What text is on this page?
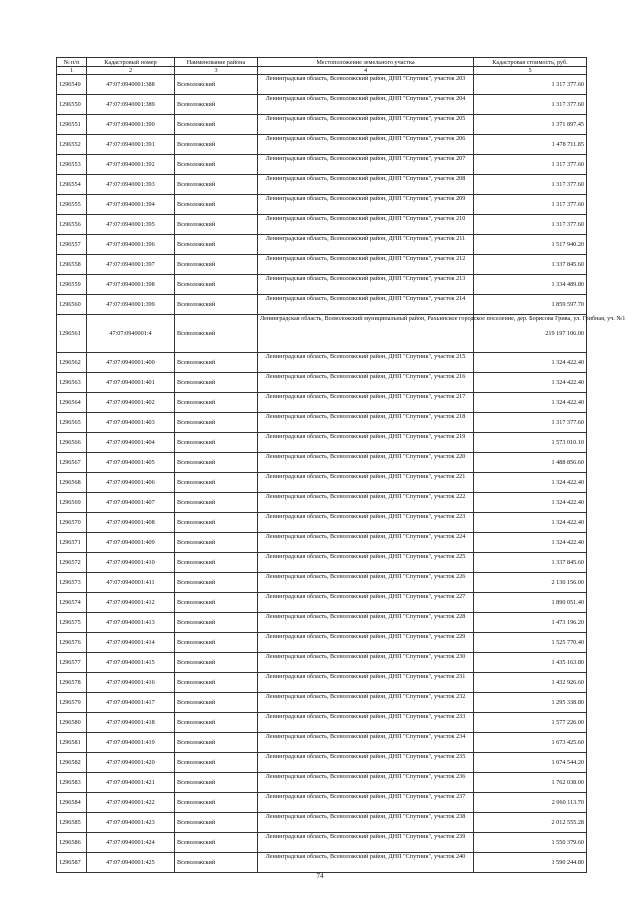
№ п/п	Кадастровый номер	Наименование района	Местоположение земельного участка	Кадастровая стоимость, руб.
1	2	3	4	5
1296549	47:07:0940001:388	Всеволожский	Ленинградская область, Всеволожский район, ДНП "Спутник", участок 203	1 317 377.60
1296550	47:07:0940001:389	Всеволожский	Ленинградская область, Всеволожский район, ДНП "Спутник", участок 204	1 317 377.60
1296551	47:07:0940001:390	Всеволожский	Ленинградская область, Всеволожский район, ДНП "Спутник", участок 205	1 371 897.45
1296552	47:07:0940001:391	Всеволожский	Ленинградская область, Всеволожский район, ДНП "Спутник", участок 206	1 478 711.85
1296553	47:07:0940001:392	Всеволожский	Ленинградская область, Всеволожский район, ДНП "Спутник", участок 207	1 317 377.60
1296554	47:07:0940001:393	Всеволожский	Ленинградская область, Всеволожский район, ДНП "Спутник", участок 208	1 317 377.60
1296555	47:07:0940001:394	Всеволожский	Ленинградская область, Всеволожский район, ДНП "Спутник", участок 209	1 317 377.60
1296556	47:07:0940001:395	Всеволожский	Ленинградская область, Всеволожский район, ДНП "Спутник", участок 210	1 317 377.60
1296557	47:07:0940001:396	Всеволожский	Ленинградская область, Всеволожский район, ДНП "Спутник", участок 211	1 517 940.20
1296558	47:07:0940001:397	Всеволожский	Ленинградская область, Всеволожский район, ДНП "Спутник", участок 212	1 337 845.60
1296559	47:07:0940001:398	Всеволожский	Ленинградская область, Всеволожский район, ДНП "Спутник", участок 213	1 334 489.80
1296560	47:07:0940001:399	Всеволожский	Ленинградская область, Всеволожский район, ДНП "Спутник", участок 214	1 859 597.70
1296561	47:07:0940001:4	Всеволожский	Ленинградская область, Всеволожский муниципальный район, Рахьинское городское поселение, дер. Борисова Грива, ул. Грибная, уч. №1	219 197 106.00
1296562	47:07:0940001:400	Всеволожский	Ленинградская область, Всеволожский район, ДНП "Спутник", участок 215	1 324 422.40
1296563	47:07:0940001:401	Всеволожский	Ленинградская область, Всеволожский район, ДНП "Спутник", участок 216	1 324 422.40
1296564	47:07:0940001:402	Всеволожский	Ленинградская область, Всеволожский район, ДНП "Спутник", участок 217	1 324 422.40
1296565	47:07:0940001:403	Всеволожский	Ленинградская область, Всеволожский район, ДНП "Спутник", участок 218	1 317 377.60
1296566	47:07:0940001:404	Всеволожский	Ленинградская область, Всеволожский район, ДНП "Спутник", участок 219	1 573 010.10
1296567	47:07:0940001:405	Всеволожский	Ленинградская область, Всеволожский район, ДНП "Спутник", участок 220	1 488 856.60
1296568	47:07:0940001:406	Всеволожский	Ленинградская область, Всеволожский район, ДНП "Спутник", участок 221	1 324 422.40
1296569	47:07:0940001:407	Всеволожский	Ленинградская область, Всеволожский район, ДНП "Спутник", участок 222	1 324 422.40
1296570	47:07:0940001:408	Всеволожский	Ленинградская область, Всеволожский район, ДНП "Спутник", участок 223	1 324 422.40
1296571	47:07:0940001:409	Всеволожский	Ленинградская область, Всеволожский район, ДНП "Спутник", участок 224	1 324 422.40
1296572	47:07:0940001:410	Всеволожский	Ленинградская область, Всеволожский район, ДНП "Спутник", участок 225	1 337 845.60
1296573	47:07:0940001:411	Всеволожский	Ленинградская область, Всеволожский район, ДНП "Спутник", участок 226	2 130 156.00
1296574	47:07:0940001:412	Всеволожский	Ленинградская область, Всеволожский район, ДНП "Спутник", участок 227	1 890 051.40
1296575	47:07:0940001:413	Всеволожский	Ленинградская область, Всеволожский район, ДНП "Спутник", участок 228	1 473 196.20
1296576	47:07:0940001:414	Всеволожский	Ленинградская область, Всеволожский район, ДНП "Спутник", участок 229	1 525 770.40
1296577	47:07:0940001:415	Всеволожский	Ленинградская область, Всеволожский район, ДНП "Спутник", участок 230	1 435 163.80
1296578	47:07:0940001:416	Всеволожский	Ленинградская область, Всеволожский район, ДНП "Спутник", участок 231	1 432 926.60
1296579	47:07:0940001:417	Всеволожский	Ленинградская область, Всеволожский район, ДНП "Спутник", участок 232	1 295 338.80
1296580	47:07:0940001:418	Всеволожский	Ленинградская область, Всеволожский район, ДНП "Спутник", участок 233	1 577 226.00
1296581	47:07:0940001:419	Всеволожский	Ленинградская область, Всеволожский район, ДНП "Спутник", участок 234	1 673 425.60
1296582	47:07:0940001:420	Всеволожский	Ленинградская область, Всеволожский район, ДНП "Спутник", участок 235	1 674 544.20
1296583	47:07:0940001:421	Всеволожский	Ленинградская область, Всеволожский район, ДНП "Спутник", участок 236	1 762 038.00
1296584	47:07:0940001:422	Всеволожский	Ленинградская область, Всеволожский район, ДНП "Спутник", участок 237	2 060 113.70
1296585	47:07:0940001:423	Всеволожский	Ленинградская область, Всеволожский район, ДНП "Спутник", участок 238	2 012 555.28
1296586	47:07:0940001:424	Всеволожский	Ленинградская область, Всеволожский район, ДНП "Спутник", участок 239	1 550 379.60
1296587	47:07:0940001:425	Всеволожский	Ленинградская область, Всеволожский район, ДНП "Спутник", участок 240	1 590 244.80
74
